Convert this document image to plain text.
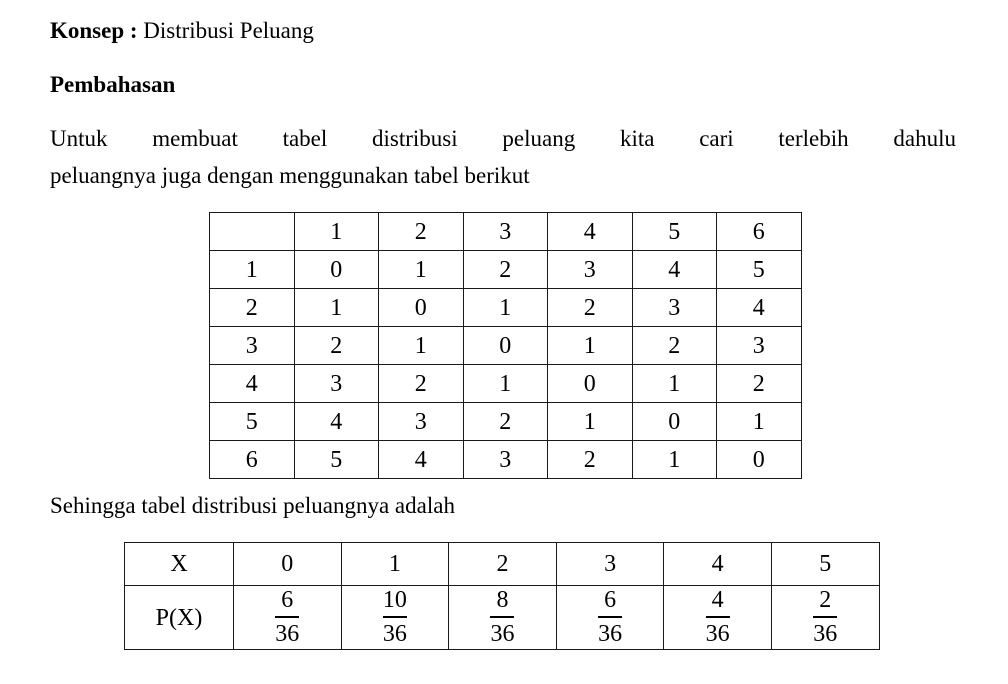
Konsep : Distribusi Peluang
Pembahasan
Untuk membuat tabel distribusi peluang kita cari terlebih dahulu
peluangnya juga dengan menggunakan tabel berikut
	1	2	3	4	5	6
1	0	1	2	3	4	5
2	1	0	1	2	3	4
3	2	1	0	1	2	3
4	3	2	1	0	1	2
5	4	3	2	1	0	1
6	5	4	3	2	1	0
Sehingga tabel distribusi peluangnya adalah
X	0	1	2	3	4	5
P(X)	$\frac{6}{36}$	$\frac{10}{36}$	$\frac{8}{36}$	$\frac{6}{36}$	$\frac{4}{36}$	$\frac{2}{36}$
